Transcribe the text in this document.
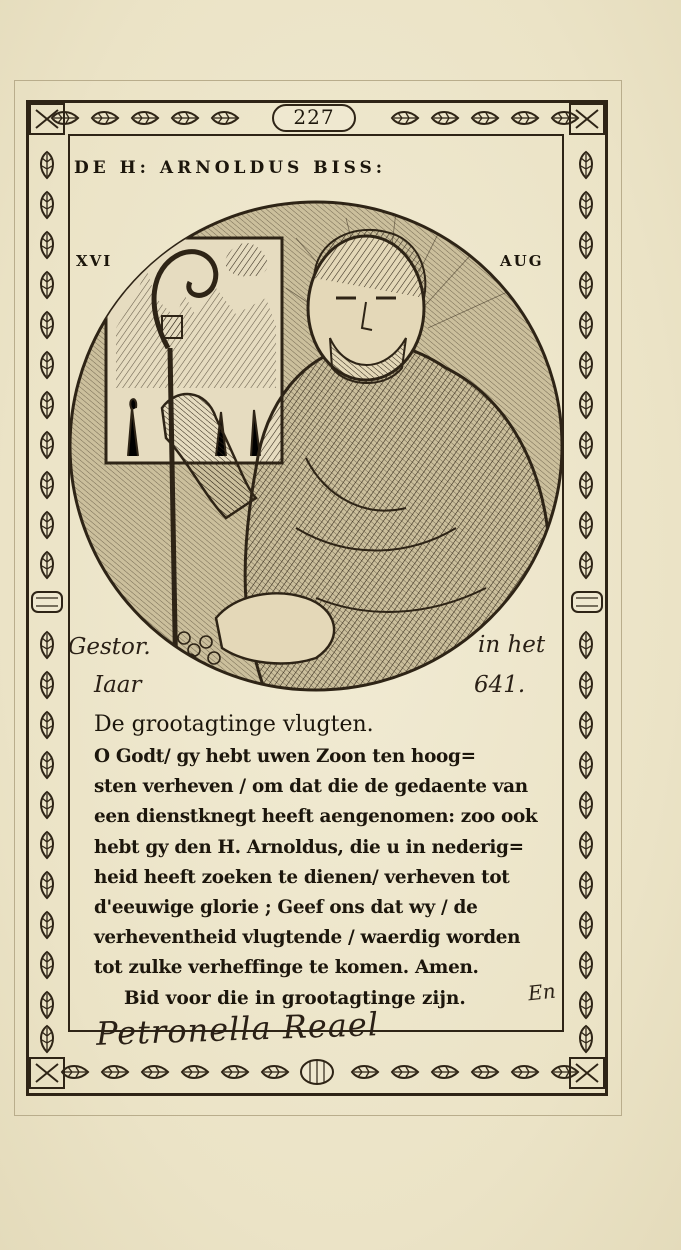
227
DE H: ARNOLDUS BISS:
XVI	AUG
Gestor.	in het
Iaar	641.
De grootagtinge vlugten.
O Godt/ gy hebt uwen Zoon ten hoog=
sten verheven / om dat die de gedaente van
een dienstknegt heeft aengenomen: zoo ook
hebt gy den H. Arnoldus, die u in nederig=
heid heeft zoeken te dienen/ verheven tot
d'eeuwige glorie ; Geef ons dat wy / de
verheventheid vlugtende / waerdig worden
tot zulke verheffinge te komen. Amen.
Bid voor die in grootagtinge zijn.	En
Petronella Reael
